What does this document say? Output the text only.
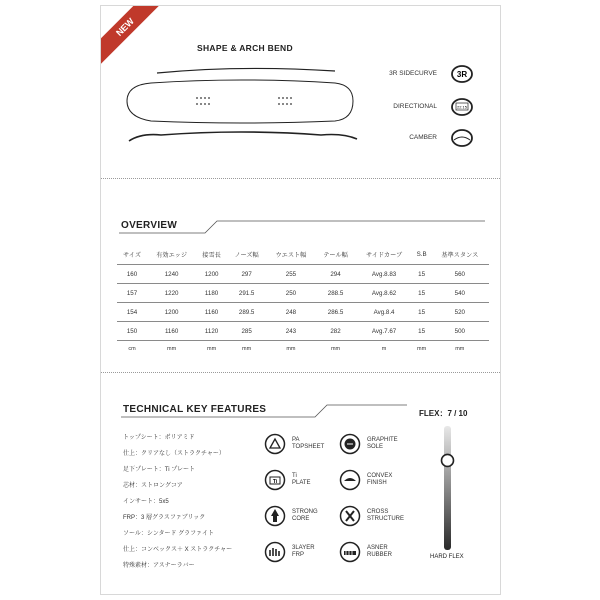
NEW
SHAPE & ARCH BEND
3R SIDECURVE 3R
DIRECTIONAL	22.15
CAMBER
OVERVIEW
サイズ	有効エッジ	接雪長	ノーズ幅	ウエスト幅	テール幅	サイドカーブ	S.B	基準スタンス
160	1240	1200	297	255	294	Avg.8.83	15	560
157	1220	1180	291.5	250	288.5	Avg.8.62	15	540
154	1200	1160	289.5	248	286.5	Avg.8.4	15	520
150	1160	1120	285	243	282	Avg.7.67	15	500
cm	mm	mm	mm	mm	mm	m	mm	mm
TECHNICAL KEY FEATURES
トップシート：ポリアミド
仕上：クリアなし（ストラクチャー）
足下プレート：Ti プレート
芯材：ストロングコア
インサート：5x5
FRP：3 層グラスファブリック
ソール：シンタード グラファイト
仕上：コンベックス＋ X ストラクチャー
特殊素材：アスナーラバー
PA
TOPSHEET
Ti
Ti
PLATE
STRONG
CORE
3LAYER
FRP
GRAPHITE
SOLE
CONVEX
FINISH
CROSS
STRUCTURE
ASNER
RUBBER
FLEX：7 / 10
HARD FLEX
